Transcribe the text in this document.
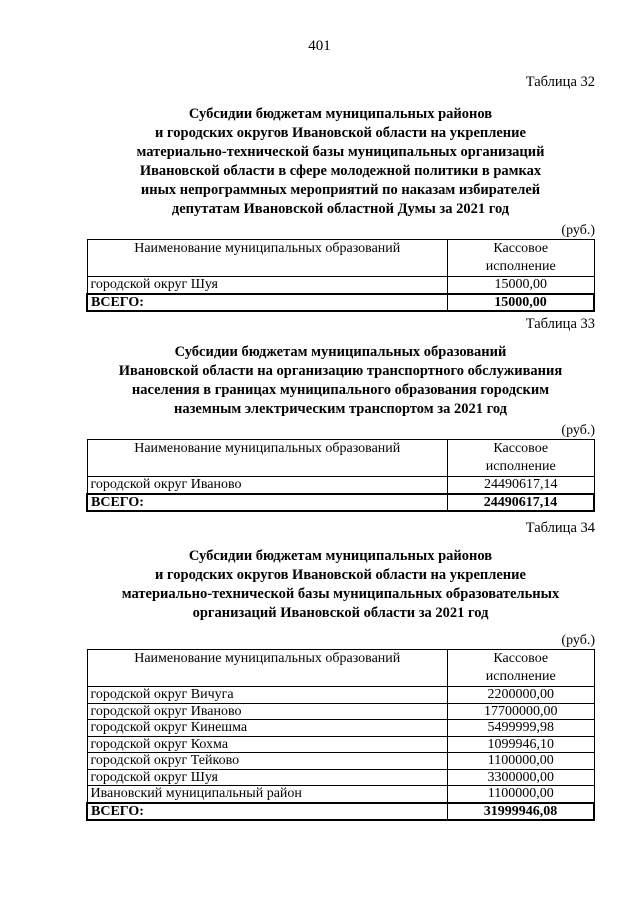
401
Таблица 32
Субсидии бюджетам муниципальных районов
и городских округов Ивановской области на укрепление
материально-технической базы муниципальных организаций
Ивановской области в сфере молодежной политики в рамках
иных непрограммных мероприятий по наказам избирателей
депутатам Ивановской областной Думы за 2021 год
(руб.)
Наименование муниципальных образований	Кассовое
исполнение

городской округ Шуя	15000,00
ВСЕГО:	15000,00
Таблица 33
Субсидии бюджетам муниципальных образований
Ивановской области на организацию транспортного обслуживания
населения в границах муниципального образования городским
наземным электрическим транспортом за 2021 год
(руб.)
Наименование муниципальных образований	Кассовое
исполнение

городской округ Иваново	24490617,14
ВСЕГО:	24490617,14
Таблица 34
Субсидии бюджетам муниципальных районов
и городских округов Ивановской области на укрепление
материально-технической базы муниципальных образовательных
организаций Ивановской области за 2021 год
(руб.)
Наименование муниципальных образований	Кассовое
исполнение

городской округ Вичуга	2200000,00
городской округ Иваново	17700000,00
городской округ Кинешма	5499999,98
городской округ Кохма	1099946,10
городской округ Тейково	1100000,00
городской округ Шуя	3300000,00
Ивановский муниципальный район	1100000,00
ВСЕГО:	31999946,08
